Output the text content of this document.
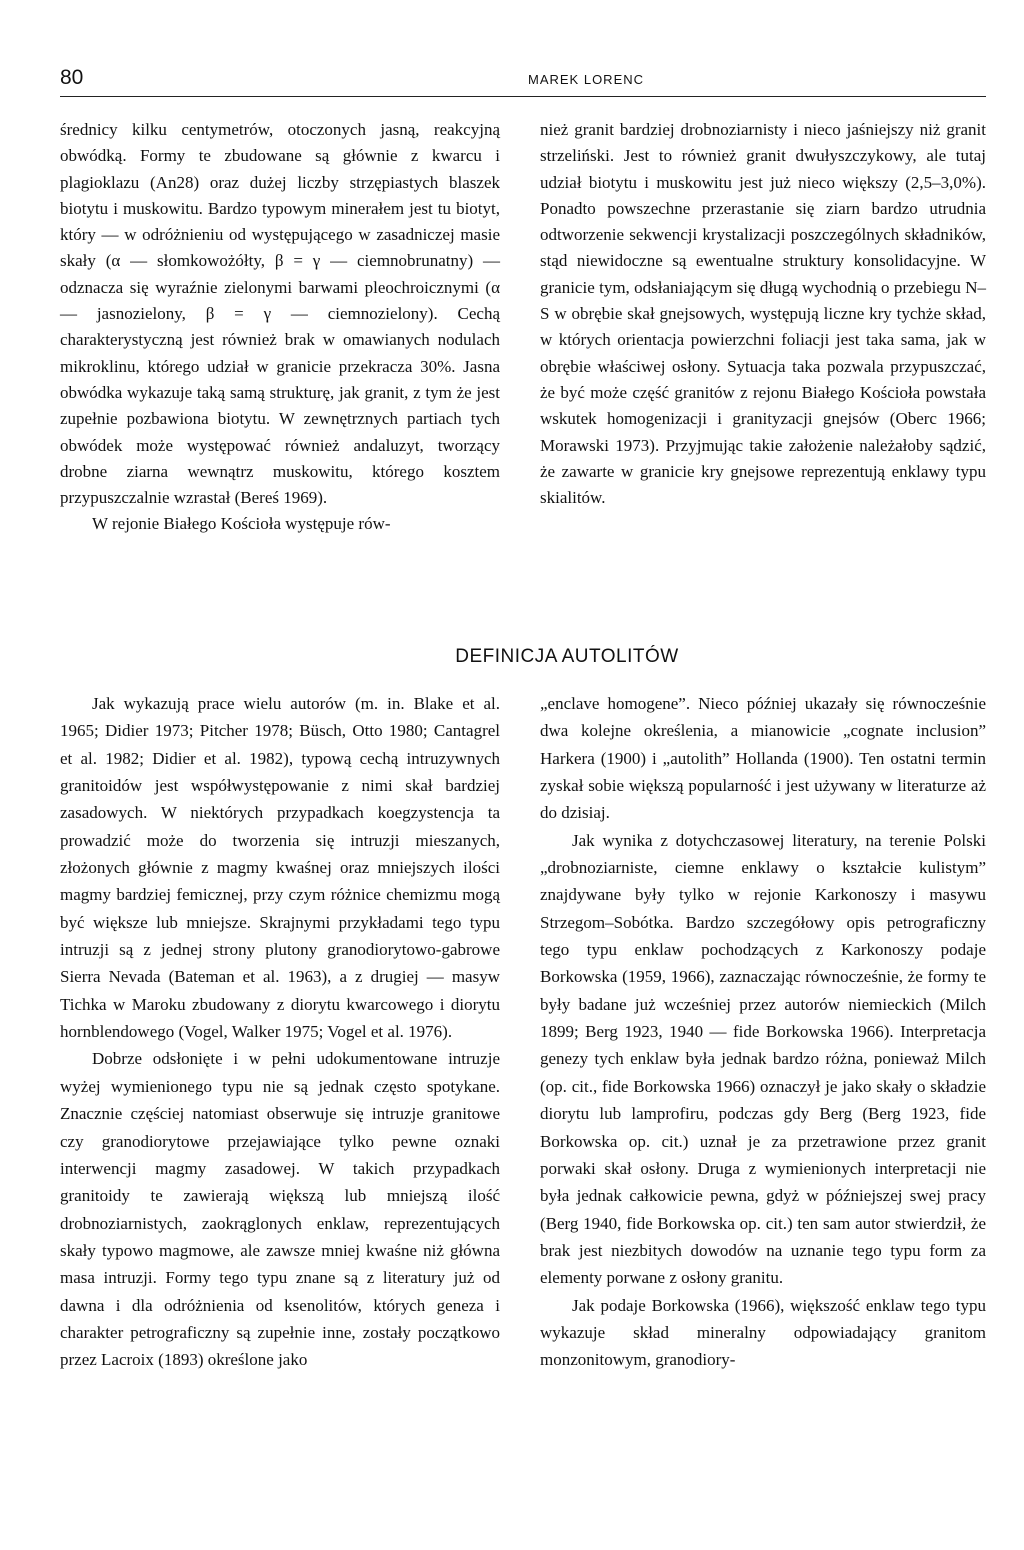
80	MAREK LORENC

średnicy kilku centymetrów, otoczonych jasną, reakcyjną obwódką. Formy te zbudowane są głównie z kwarcu i plagioklazu (An28) oraz dużej liczby strzępiastych blaszek biotytu i muskowitu. Bardzo typowym minerałem jest tu biotyt, który — w odróżnieniu od występującego w zasadniczej masie skały (α — słomkowożółty, β = γ — ciemnobrunatny) — odznacza się wyraźnie zielonymi barwami pleochroicznymi (α — jasnozielony, β = γ — ciemnozielony). Cechą charakterystyczną jest również brak w omawianych nodulach mikroklinu, którego udział w granicie przekracza 30%. Jasna obwódka wykazuje taką samą strukturę, jak granit, z tym że jest zupełnie pozbawiona biotytu. W zewnętrznych partiach tych obwódek może występować również andaluzyt, tworzący drobne ziarna wewnątrz muskowitu, którego kosztem przypuszczalnie wzrastał (Bereś 1969).

W rejonie Białego Kościoła występuje rów-

nież granit bardziej drobnoziarnisty i nieco jaśniejszy niż granit strzeliński. Jest to również granit dwułyszczykowy, ale tutaj udział biotytu i muskowitu jest już nieco większy (2,5–3,0%). Ponadto powszechne przerastanie się ziarn bardzo utrudnia odtworzenie sekwencji krystalizacji poszczególnych składników, stąd niewidoczne są ewentualne struktury konsolidacyjne. W granicie tym, odsłaniającym się długą wychodnią o przebiegu N–S w obrębie skał gnejsowych, występują liczne kry tychże skład, w których orientacja powierzchni foliacji jest taka sama, jak w obrębie właściwej osłony. Sytuacja taka pozwala przypuszczać, że być może część granitów z rejonu Białego Kościoła powstała wskutek homogenizacji i granityzacji gnejsów (Oberc 1966; Morawski 1973). Przyjmując takie założenie należałoby sądzić, że zawarte w granicie kry gnejsowe reprezentują enklawy typu skialitów.

DEFINICJA AUTOLITÓW

Jak wykazują prace wielu autorów (m. in. Blake et al. 1965; Didier 1973; Pitcher 1978; Büsch, Otto 1980; Cantagrel et al. 1982; Didier et al. 1982), typową cechą intruzywnych granitoidów jest współwystępowanie z nimi skał bardziej zasadowych. W niektórych przypadkach koegzystencja ta prowadzić może do tworzenia się intruzji mieszanych, złożonych głównie z magmy kwaśnej oraz mniejszych ilości magmy bardziej femicznej, przy czym różnice chemizmu mogą być większe lub mniejsze. Skrajnymi przykładami tego typu intruzji są z jednej strony plutony granodiorytowo-gabrowe Sierra Nevada (Bateman et al. 1963), a z drugiej — masyw Tichka w Maroku zbudowany z diorytu kwarcowego i diorytu hornblendowego (Vogel, Walker 1975; Vogel et al. 1976).

Dobrze odsłonięte i w pełni udokumentowane intruzje wyżej wymienionego typu nie są jednak często spotykane. Znacznie częściej natomiast obserwuje się intruzje granitowe czy granodiorytowe przejawiające tylko pewne oznaki interwencji magmy zasadowej. W takich przypadkach granitoidy te zawierają większą lub mniejszą ilość drobnoziarnistych, zaokrąglonych enklaw, reprezentujących skały typowo magmowe, ale zawsze mniej kwaśne niż główna masa intruzji. Formy tego typu znane są z literatury już od dawna i dla odróżnienia od ksenolitów, których geneza i charakter petrograficzny są zupełnie inne, zostały początkowo przez Lacroix (1893) określone jako

„enclave homogene”. Nieco później ukazały się równocześnie dwa kolejne określenia, a mianowicie „cognate inclusion” Harkera (1900) i „autolith” Hollanda (1900). Ten ostatni termin zyskał sobie większą popularność i jest używany w literaturze aż do dzisiaj.

Jak wynika z dotychczasowej literatury, na terenie Polski „drobnoziarniste, ciemne enklawy o kształcie kulistym” znajdywane były tylko w rejonie Karkonoszy i masywu Strzegom–Sobótka. Bardzo szczegółowy opis petrograficzny tego typu enklaw pochodzących z Karkonoszy podaje Borkowska (1959, 1966), zaznaczając równocześnie, że formy te były badane już wcześniej przez autorów niemieckich (Milch 1899; Berg 1923, 1940 — fide Borkowska 1966). Interpretacja genezy tych enklaw była jednak bardzo różna, ponieważ Milch (op. cit., fide Borkowska 1966) oznaczył je jako skały o składzie diorytu lub lamprofiru, podczas gdy Berg (Berg 1923, fide Borkowska op. cit.) uznał je za przetrawione przez granit porwaki skał osłony. Druga z wymienionych interpretacji nie była jednak całkowicie pewna, gdyż w późniejszej swej pracy (Berg 1940, fide Borkowska op. cit.) ten sam autor stwierdził, że brak jest niezbitych dowodów na uznanie tego typu form za elementy porwane z osłony granitu.

Jak podaje Borkowska (1966), większość enklaw tego typu wykazuje skład mineralny odpowiadający granitom monzonitowym, granodiory-
